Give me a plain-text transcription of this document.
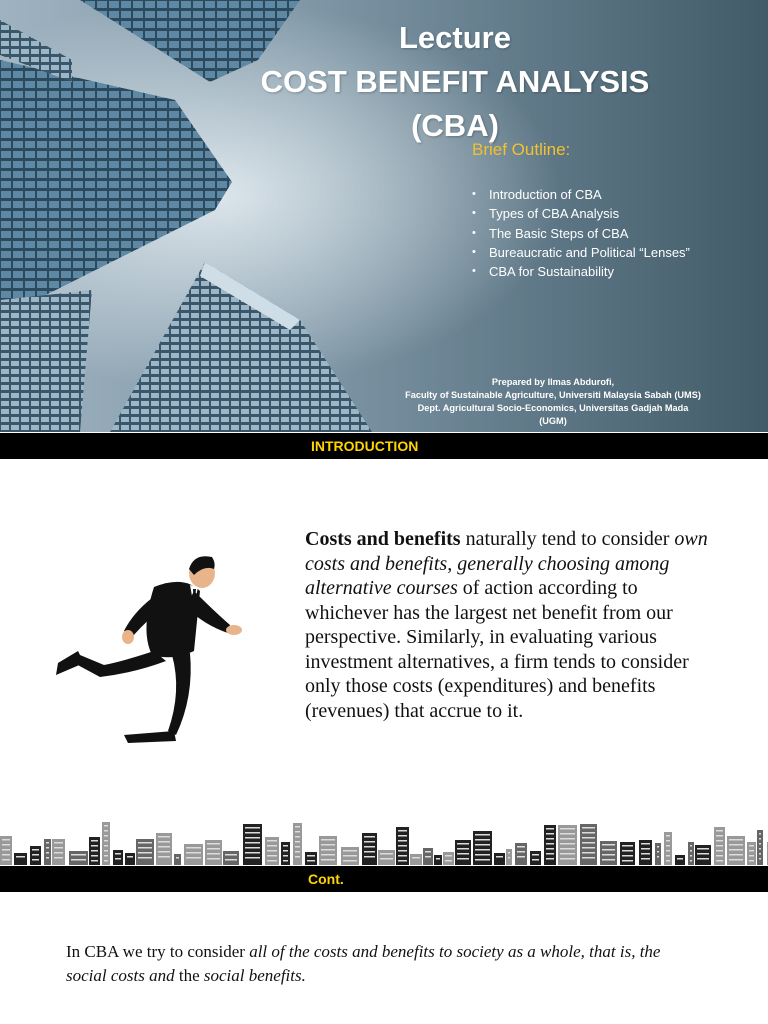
Lecture
COST BENEFIT ANALYSIS
(CBA)
Brief Outline:
•	Introduction of CBA
•	Types of CBA Analysis
•	The Basic Steps of CBA
•	Bureaucratic and Political “Lenses”
•	CBA for Sustainability
Prepared by Ilmas Abdurofi,
Faculty of Sustainable Agriculture, Universiti Malaysia Sabah (UMS)
Dept. Agricultural Socio-Economics, Universitas Gadjah Mada
(UGM)
INTRODUCTION
Costs and benefits naturally tend to consider own costs and benefits, generally choosing among alternative courses of action according to whichever has the largest net benefit from our perspective. Similarly, in evaluating various investment alternatives, a firm tends to consider only those costs (expenditures) and benefits (revenues) that accrue to it.
Cont.
In CBA we try to consider all of the costs and benefits to society as a whole, that is, the social costs and the social benefits.
